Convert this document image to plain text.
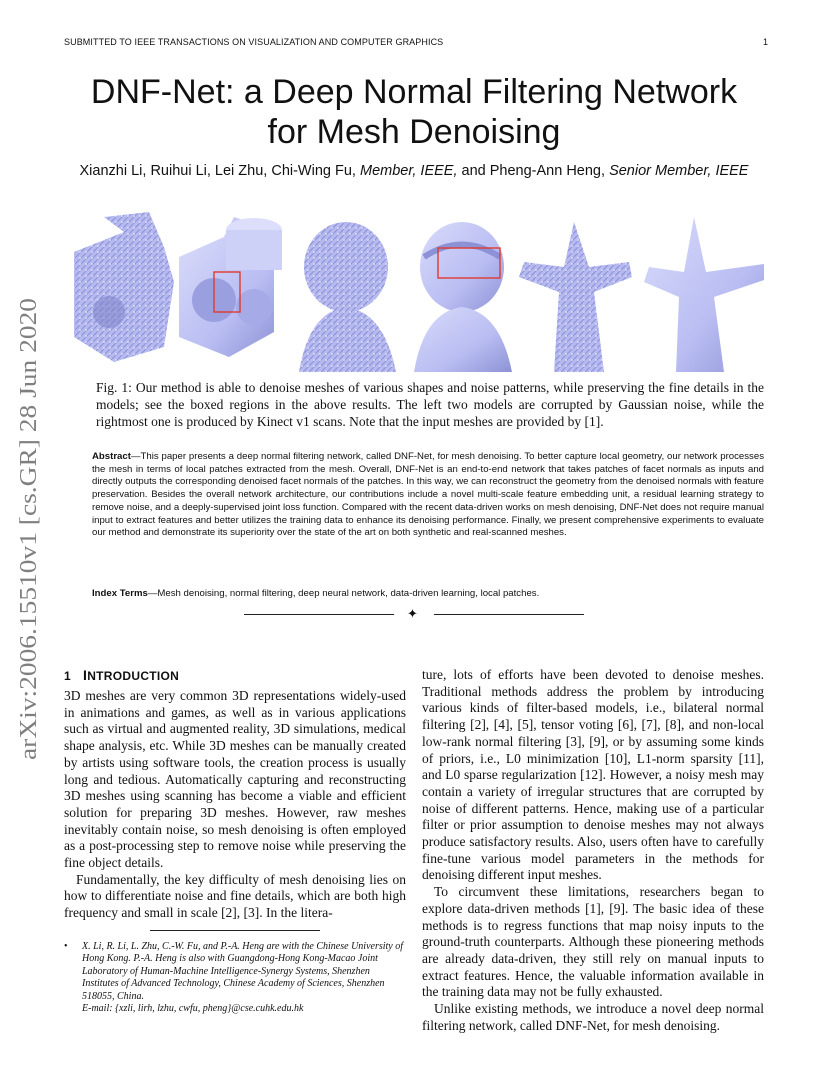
SUBMITTED TO IEEE TRANSACTIONS ON VISUALIZATION AND COMPUTER GRAPHICS	1
DNF-Net: a Deep Normal Filtering Network
for Mesh Denoising
Xianzhi Li, Ruihui Li, Lei Zhu, Chi-Wing Fu, Member, IEEE, and Pheng-Ann Heng, Senior Member, IEEE
arXiv:2006.15510v1 [cs.GR] 28 Jun 2020	Fig. 1: Our method is able to denoise meshes of various shapes and noise patterns, while preserving the fine details in the models; see the boxed regions in the above results. The left two models are corrupted by Gaussian noise, while the rightmost one is produced by Kinect v1 scans. Note that the input meshes are provided by [1].
Abstract—This paper presents a deep normal filtering network, called DNF-Net, for mesh denoising. To better capture local geometry, our network processes the mesh in terms of local patches extracted from the mesh. Overall, DNF-Net is an end-to-end network that takes patches of facet normals as inputs and directly outputs the corresponding denoised facet normals of the patches. In this way, we can reconstruct the geometry from the denoised normals with feature preservation. Besides the overall network architecture, our contributions include a novel multi-scale feature embedding unit, a residual learning strategy to remove noise, and a deeply-supervised joint loss function. Compared with the recent data-driven works on mesh denoising, DNF-Net does not require manual input to extract features and better utilizes the training data to enhance its denoising performance. Finally, we present comprehensive experiments to evaluate our method and demonstrate its superiority over the state of the art on both synthetic and real-scanned meshes.
Index Terms—Mesh denoising, normal filtering, deep neural network, data-driven learning, local patches.
✦
1 INTRODUCTION

3D meshes are very common 3D representations widely-used in animations and games, as well as in various applications such as virtual and augmented reality, 3D simulations, medical shape analysis, etc. While 3D meshes can be manually created by artists using software tools, the creation process is usually long and tedious. Automatically capturing and reconstructing 3D meshes using scanning has become a viable and efficient solution for preparing 3D meshes. However, raw meshes inevitably contain noise, so mesh denoising is often employed as a post-processing step to remove noise while preserving the fine object details.

Fundamentally, the key difficulty of mesh denoising lies on how to differentiate noise and fine details, which are both high frequency and small in scale [2], [3]. In the litera-

• X. Li, R. Li, L. Zhu, C.-W. Fu, and P.-A. Heng are with the Chinese University of Hong Kong. P.-A. Heng is also with Guangdong-Hong Kong-Macao Joint Laboratory of Human-Machine Intelligence-Synergy Systems, Shenzhen Institutes of Advanced Technology, Chinese Academy of Sciences, Shenzhen 518055, China.
E-mail: {xzli, lirh, lzhu, cwfu, pheng}@cse.cuhk.edu.hk

ture, lots of efforts have been devoted to denoise meshes. Traditional methods address the problem by introducing various kinds of filter-based models, i.e., bilateral normal filtering [2], [4], [5], tensor voting [6], [7], [8], and non-local low-rank normal filtering [3], [9], or by assuming some kinds of priors, i.e., L0 minimization [10], L1-norm sparsity [11], and L0 sparse regularization [12]. However, a noisy mesh may contain a variety of irregular structures that are corrupted by noise of different patterns. Hence, making use of a particular filter or prior assumption to denoise meshes may not always produce satisfactory results. Also, users often have to carefully fine-tune various model parameters in the methods for denoising different input meshes.

To circumvent these limitations, researchers began to explore data-driven methods [1], [9]. The basic idea of these methods is to regress functions that map noisy inputs to the ground-truth counterparts. Although these pioneering methods are already data-driven, they still rely on manual inputs to extract features. Hence, the valuable information available in the training data may not be fully exhausted.

Unlike existing methods, we introduce a novel deep normal filtering network, called DNF-Net, for mesh denoising.
